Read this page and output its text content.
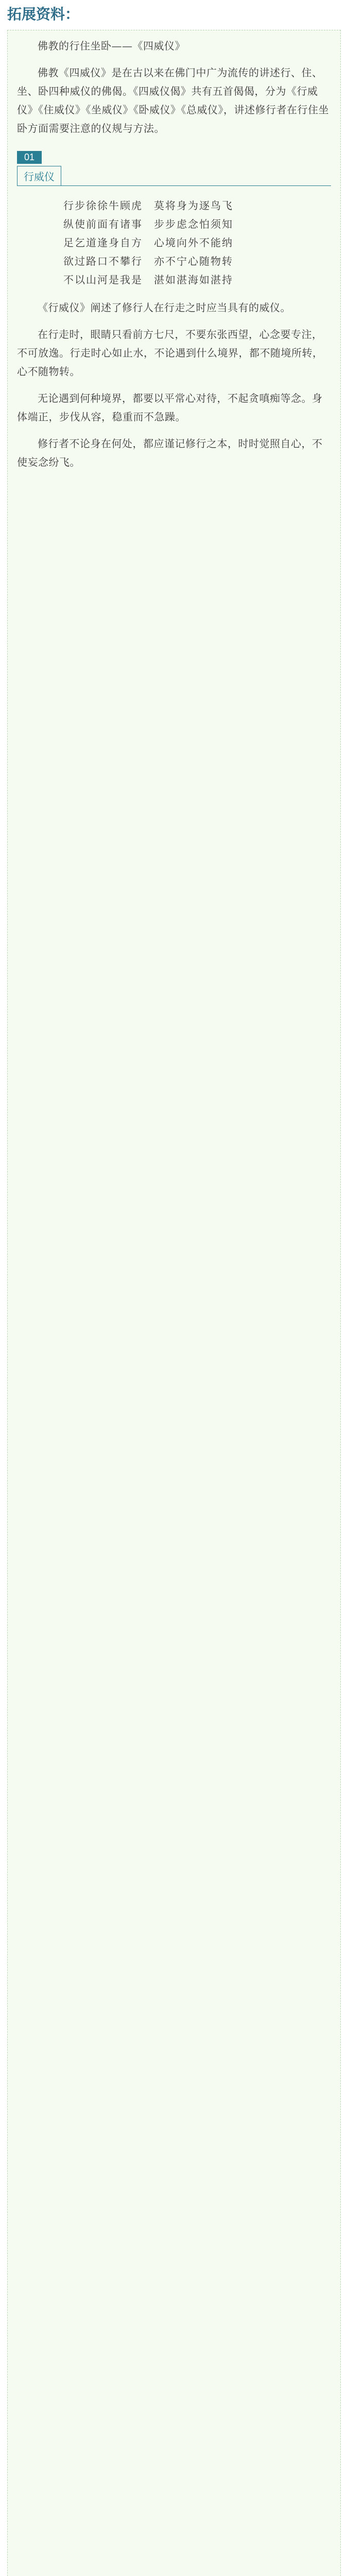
拓展资料：

佛教的行住坐卧——《四威仪》

佛教《四威仪》是在古以来在佛门中广为流传的讲述行、住、坐、卧四种威仪的佛偈。《四威仪偈》共有五首偈偈，分为《行威仪》《住威仪》《坐威仪》《卧威仪》《总威仪》，讲述修行者在行住坐卧方面需要注意的仪规与方法。

01
行威仪
行步徐徐牛顾虎　莫将身为逐鸟飞
纵使前面有诸事　步步虑念怕须知
足乞道逢身自方　心境向外不能纳
欲过路口不攀行　亦不宁心随物转
不以山河是我是　湛如湛海如湛持

《行威仪》阐述了修行人在行走之时应当具有的威仪。

在行走时，眼睛只看前方七尺，不要东张西望，心念要专注，不可放逸。行走时心如止水，不论遇到什么境界，都不随境所转，心不随物转。

无论遇到何种境界，都要以平常心对待，不起贪嗔痴等念。身体端正，步伐从容，稳重而不急躁。

修行者不论身在何处，都应谨记修行之本，时时觉照自心，不使妄念纷飞。
